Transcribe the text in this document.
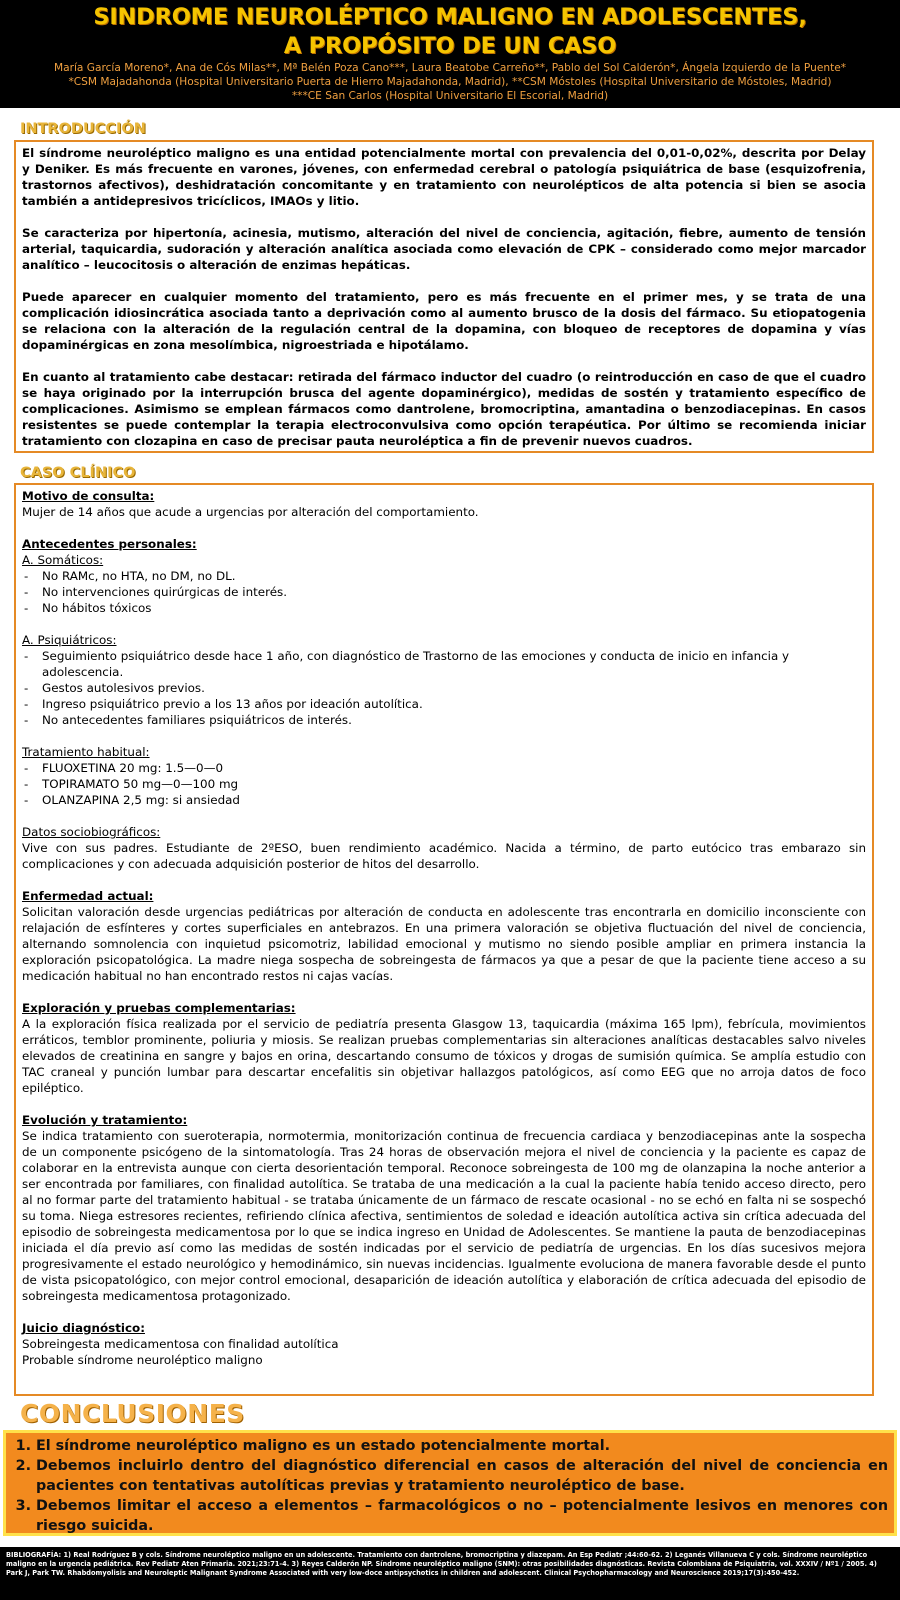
SINDROME NEUROLÉPTICO MALIGNO EN ADOLESCENTES,
A PROPÓSITO DE UN CASO
María García Moreno*, Ana de Cós Milas**, Mª Belén Poza Cano***, Laura Beatobe Carreño**, Pablo del Sol Calderón*, Ángela Izquierdo de la Puente*
*CSM Majadahonda (Hospital Universitario Puerta de Hierro Majadahonda, Madrid), **CSM Móstoles (Hospital Universitario de Móstoles, Madrid)
***CE San Carlos (Hospital Universitario El Escorial, Madrid)
INTRODUCCIÓN

El síndrome neuroléptico maligno es una entidad potencialmente mortal con prevalencia del 0,01-0,02%, descrita por Delay y Deniker. Es más frecuente en varones, jóvenes, con enfermedad cerebral o patología psiquiátrica de base (esquizofrenia, trastornos afectivos), deshidratación concomitante y en tratamiento con neurolépticos de alta potencia si bien se asocia también a antidepresivos tricíclicos, IMAOs y litio.

Se caracteriza por hipertonía, acinesia, mutismo, alteración del nivel de conciencia, agitación, fiebre, aumento de tensión arterial, taquicardia, sudoración y alteración analítica asociada como elevación de CPK – considerado como mejor marcador analítico – leucocitosis o alteración de enzimas hepáticas.

Puede aparecer en cualquier momento del tratamiento, pero es más frecuente en el primer mes, y se trata de una complicación idiosincrática asociada tanto a deprivación como al aumento brusco de la dosis del fármaco. Su etiopatogenia se relaciona con la alteración de la regulación central de la dopamina, con bloqueo de receptores de dopamina y vías dopaminérgicas en zona mesolímbica, nigroestriada e hipotálamo.

En cuanto al tratamiento cabe destacar: retirada del fármaco inductor del cuadro (o reintroducción en caso de que el cuadro se haya originado por la interrupción brusca del agente dopaminérgico), medidas de sostén y tratamiento específico de complicaciones. Asimismo se emplean fármacos como dantrolene, bromocriptina, amantadina o benzodiacepinas. En casos resistentes se puede contemplar la terapia electroconvulsiva como opción terapéutica. Por último se recomienda iniciar tratamiento con clozapina en caso de precisar pauta neuroléptica a fin de prevenir nuevos cuadros.

CASO CLÍNICO
Motivo de consulta:
Mujer de 14 años que acude a urgencias por alteración del comportamiento.
Antecedentes personales:
A. Somáticos:
- No RAMc, no HTA, no DM, no DL.
- No intervenciones quirúrgicas de interés.
- No hábitos tóxicos
A. Psiquiátricos:
- Seguimiento psiquiátrico desde hace 1 año, con diagnóstico de Trastorno de las emociones y conducta de inicio en infancia y adolescencia.
- Gestos autolesivos previos.
- Ingreso psiquiátrico previo a los 13 años por ideación autolítica.
- No antecedentes familiares psiquiátricos de interés.
Tratamiento habitual:
- FLUOXETINA 20 mg: 1.5—0—0
- TOPIRAMATO 50 mg—0—100 mg
- OLANZAPINA 2,5 mg: si ansiedad
Datos sociobiográficos:
Vive con sus padres. Estudiante de 2ºESO, buen rendimiento académico. Nacida a término, de parto eutócico tras embarazo sin complicaciones y con adecuada adquisición posterior de hitos del desarrollo.
Enfermedad actual:
Solicitan valoración desde urgencias pediátricas por alteración de conducta en adolescente tras encontrarla en domicilio inconsciente con relajación de esfínteres y cortes superficiales en antebrazos. En una primera valoración se objetiva fluctuación del nivel de conciencia, alternando somnolencia con inquietud psicomotriz, labilidad emocional y mutismo no siendo posible ampliar en primera instancia la exploración psicopatológica. La madre niega sospecha de sobreingesta de fármacos ya que a pesar de que la paciente tiene acceso a su medicación habitual no han encontrado restos ni cajas vacías.
Exploración y pruebas complementarias:
A la exploración física realizada por el servicio de pediatría presenta Glasgow 13, taquicardia (máxima 165 lpm), febrícula, movimientos erráticos, temblor prominente, poliuria y miosis. Se realizan pruebas complementarias sin alteraciones analíticas destacables salvo niveles elevados de creatinina en sangre y bajos en orina, descartando consumo de tóxicos y drogas de sumisión química. Se amplía estudio con TAC craneal y punción lumbar para descartar encefalitis sin objetivar hallazgos patológicos, así como EEG que no arroja datos de foco epiléptico.
Evolución y tratamiento:
Se indica tratamiento con sueroterapia, normotermia, monitorización continua de frecuencia cardiaca y benzodiacepinas ante la sospecha de un componente psicógeno de la sintomatología. Tras 24 horas de observación mejora el nivel de conciencia y la paciente es capaz de colaborar en la entrevista aunque con cierta desorientación temporal. Reconoce sobreingesta de 100 mg de olanzapina la noche anterior a ser encontrada por familiares, con finalidad autolítica. Se trataba de una medicación a la cual la paciente había tenido acceso directo, pero al no formar parte del tratamiento habitual - se trataba únicamente de un fármaco de rescate ocasional - no se echó en falta ni se sospechó su toma. Niega estresores recientes, refiriendo clínica afectiva, sentimientos de soledad e ideación autolítica activa sin crítica adecuada del episodio de sobreingesta medicamentosa por lo que se indica ingreso en Unidad de Adolescentes. Se mantiene la pauta de benzodiacepinas iniciada el día previo así como las medidas de sostén indicadas por el servicio de pediatría de urgencias. En los días sucesivos mejora progresivamente el estado neurológico y hemodinámico, sin nuevas incidencias. Igualmente evoluciona de manera favorable desde el punto de vista psicopatológico, con mejor control emocional, desaparición de ideación autolítica y elaboración de crítica adecuada del episodio de sobreingesta medicamentosa protagonizado.
Juicio diagnóstico:
Sobreingesta medicamentosa con finalidad autolítica
Probable síndrome neuroléptico maligno
CONCLUSIONES
1. El síndrome neuroléptico maligno es un estado potencialmente mortal.
2. Debemos incluirlo dentro del diagnóstico diferencial en casos de alteración del nivel de conciencia en pacientes con tentativas autolíticas previas y tratamiento neuroléptico de base.
3. Debemos limitar el acceso a elementos – farmacológicos o no – potencialmente lesivos en menores con riesgo suicida.
BIBLIOGRAFÍA: 1) Real Rodríguez B y cols. Síndrome neuroléptico maligno en un adolescente. Tratamiento con dantrolene, bromocriptina y diazepam. An Esp Pediatr ;44:60-62. 2) Leganés Villanueva C y cols. Síndrome neuroléptico maligno en la urgencia pediátrica. Rev Pediatr Aten Primaria. 2021;23:71-4. 3) Reyes Calderón NP. Síndrome neuroléptico maligno (SNM): otras posibilidades diagnósticas. Revista Colombiana de Psiquiatría, vol. XXXIV / Nº1 / 2005. 4) Park J, Park TW. Rhabdomyolisis and Neuroleptic Malignant Syndrome Associated with very low-doce antipsychotics in children and adolescent. Clinical Psychopharmacology and Neuroscience 2019;17(3):450-452.
